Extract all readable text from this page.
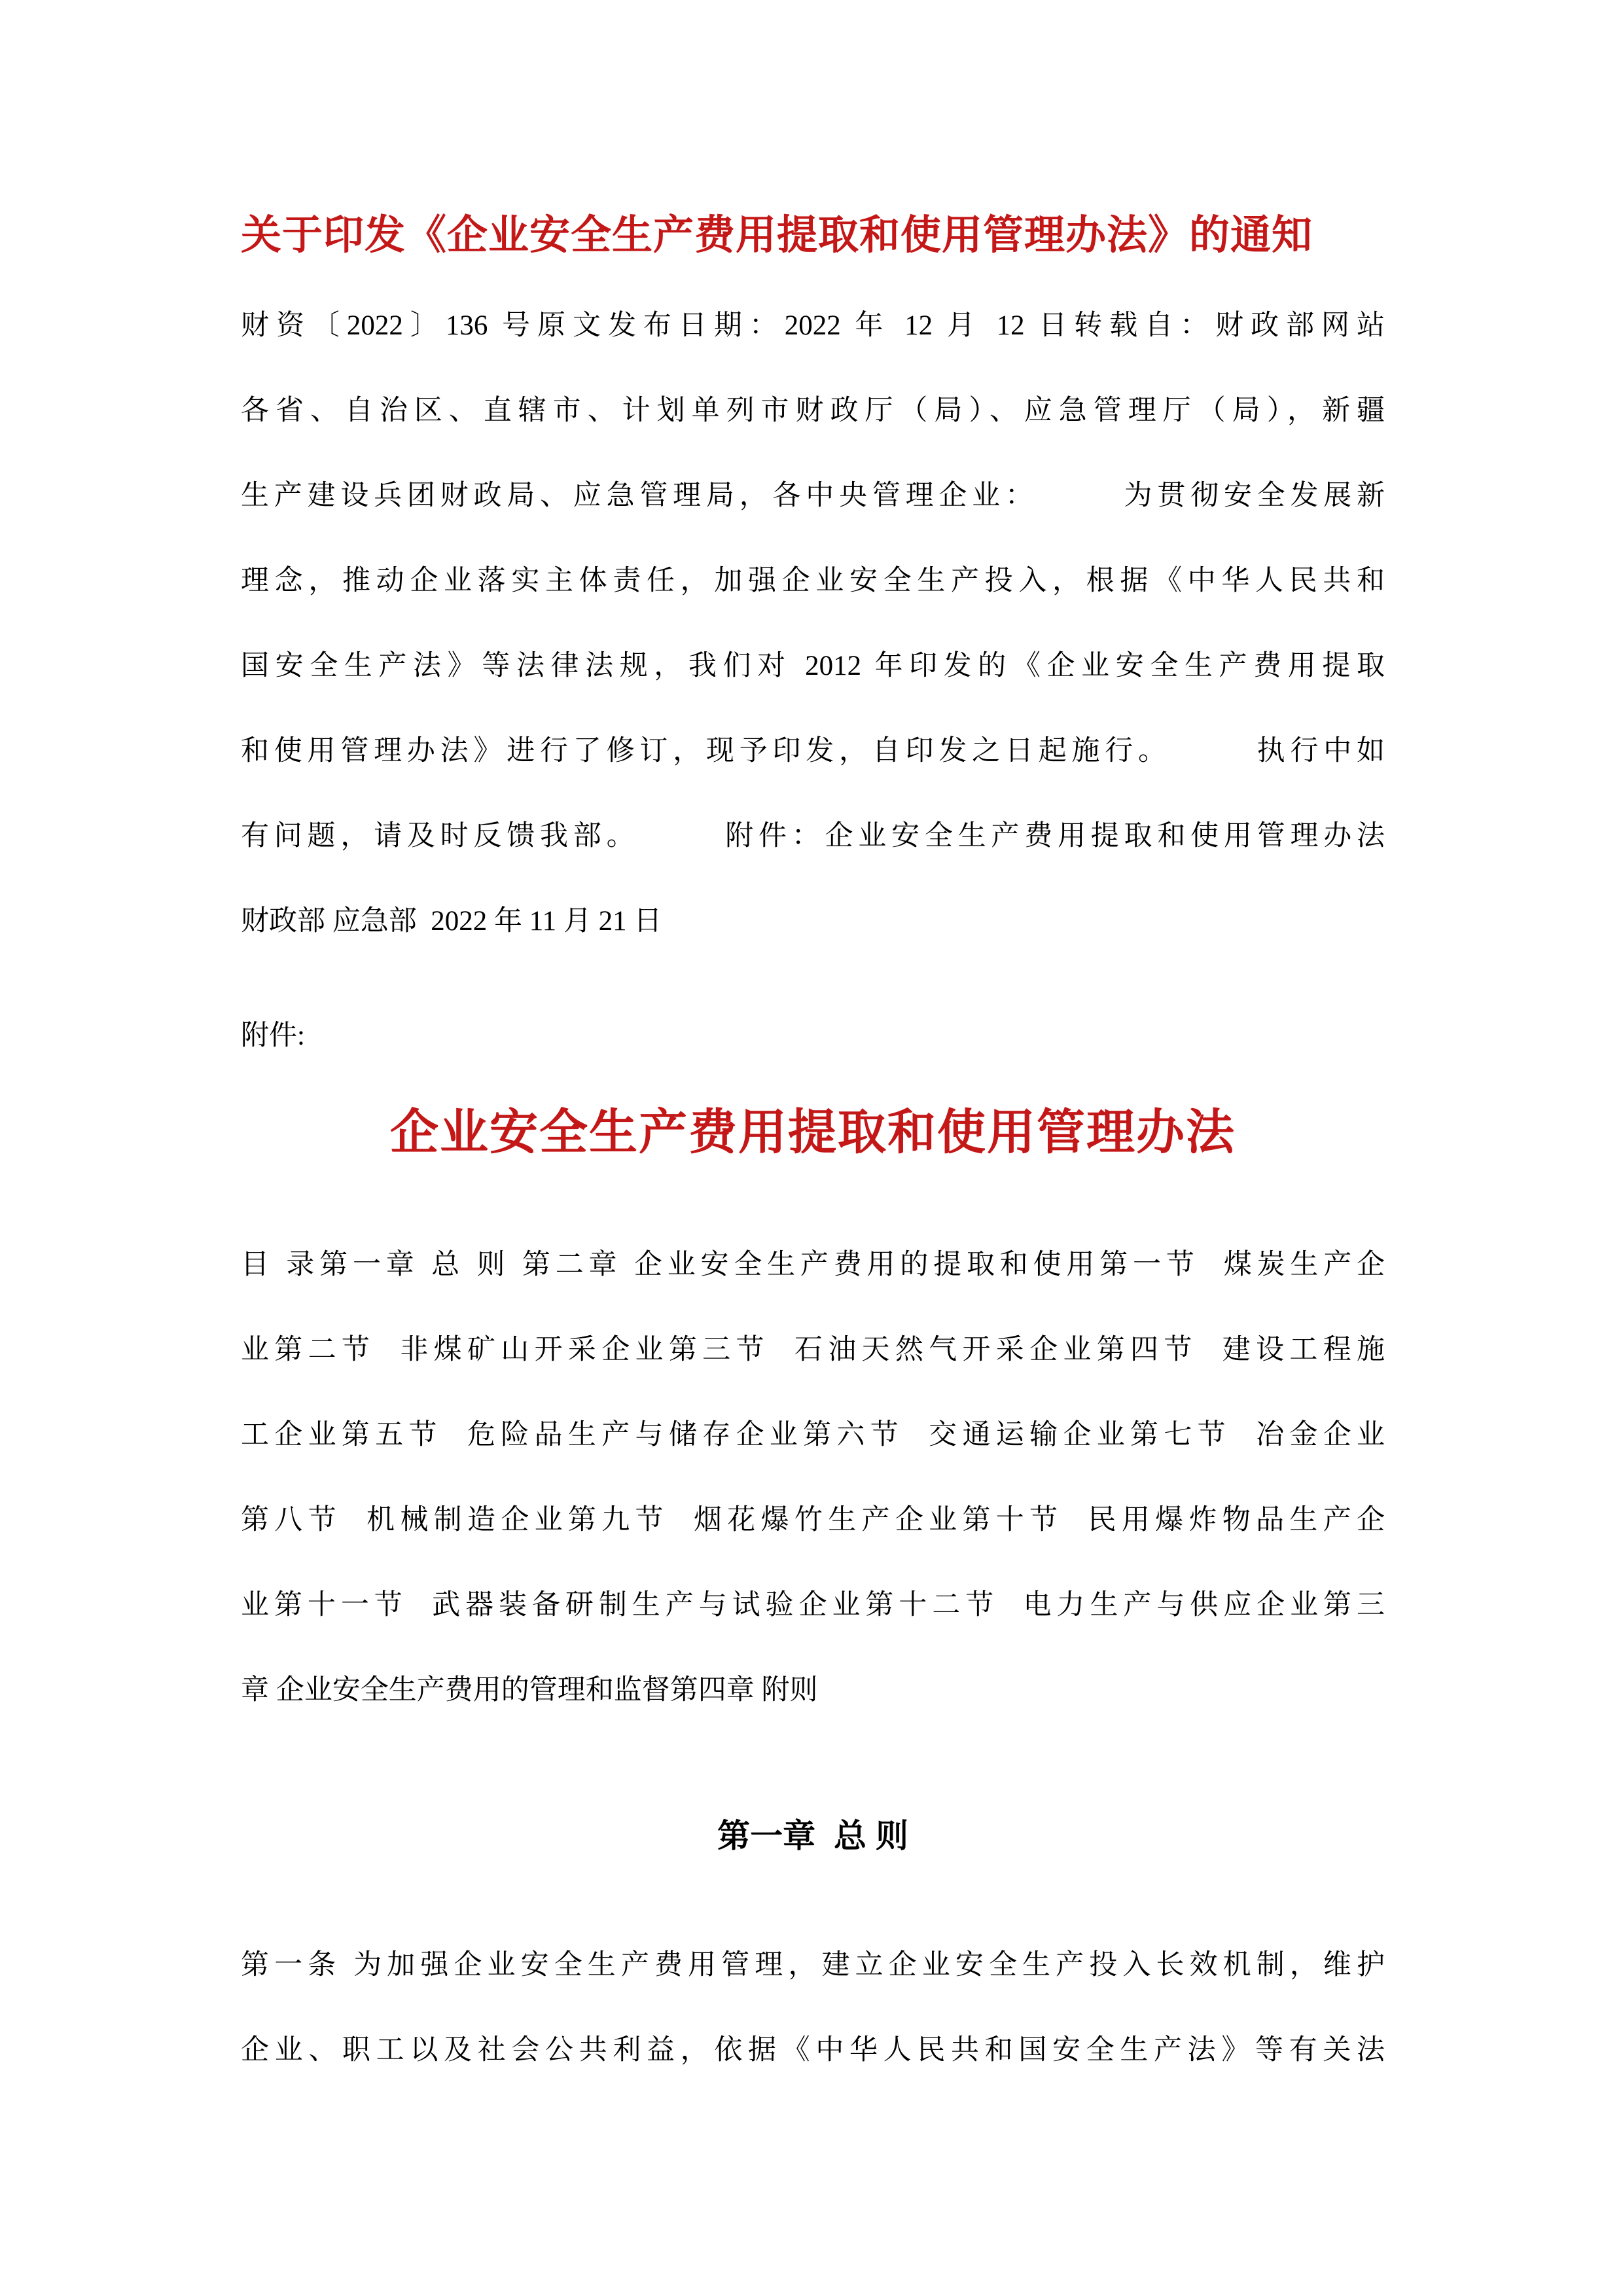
关于印发《企业安全生产费用提取和使用管理办法》的通知
财资〔2022〕136 号原文发布日期：2022 年 12 月 12 日转载自：财政部网站
各省、自治区、直辖市、计划单列市财政厅（局）、应急管理厅（局），新疆
生产建设兵团财政局、应急管理局，各中央管理企业：　　　为贯彻安全发展新
理念，推动企业落实主体责任，加强企业安全生产投入，根据《中华人民共和
国安全生产法》等法律法规，我们对 2012 年印发的《企业安全生产费用提取
和使用管理办法》进行了修订，现予印发，自印发之日起施行。　　　执行中如
有问题，请及时反馈我部。　　　附件：企业安全生产费用提取和使用管理办法
财政部 应急部  2022 年 11 月 21 日
附件:
企业安全生产费用提取和使用管理办法
目 录第一章 总 则 第二章 企业安全生产费用的提取和使用第一节  煤炭生产企
业第二节  非煤矿山开采企业第三节  石油天然气开采企业第四节  建设工程施
工企业第五节  危险品生产与储存企业第六节  交通运输企业第七节  冶金企业
第八节  机械制造企业第九节  烟花爆竹生产企业第十节  民用爆炸物品生产企
业第十一节  武器装备研制生产与试验企业第十二节  电力生产与供应企业第三
章 企业安全生产费用的管理和监督第四章 附则
第一章  总 则
第一条 为加强企业安全生产费用管理，建立企业安全生产投入长效机制，维护
企业、职工以及社会公共利益，依据《中华人民共和国安全生产法》等有关法
